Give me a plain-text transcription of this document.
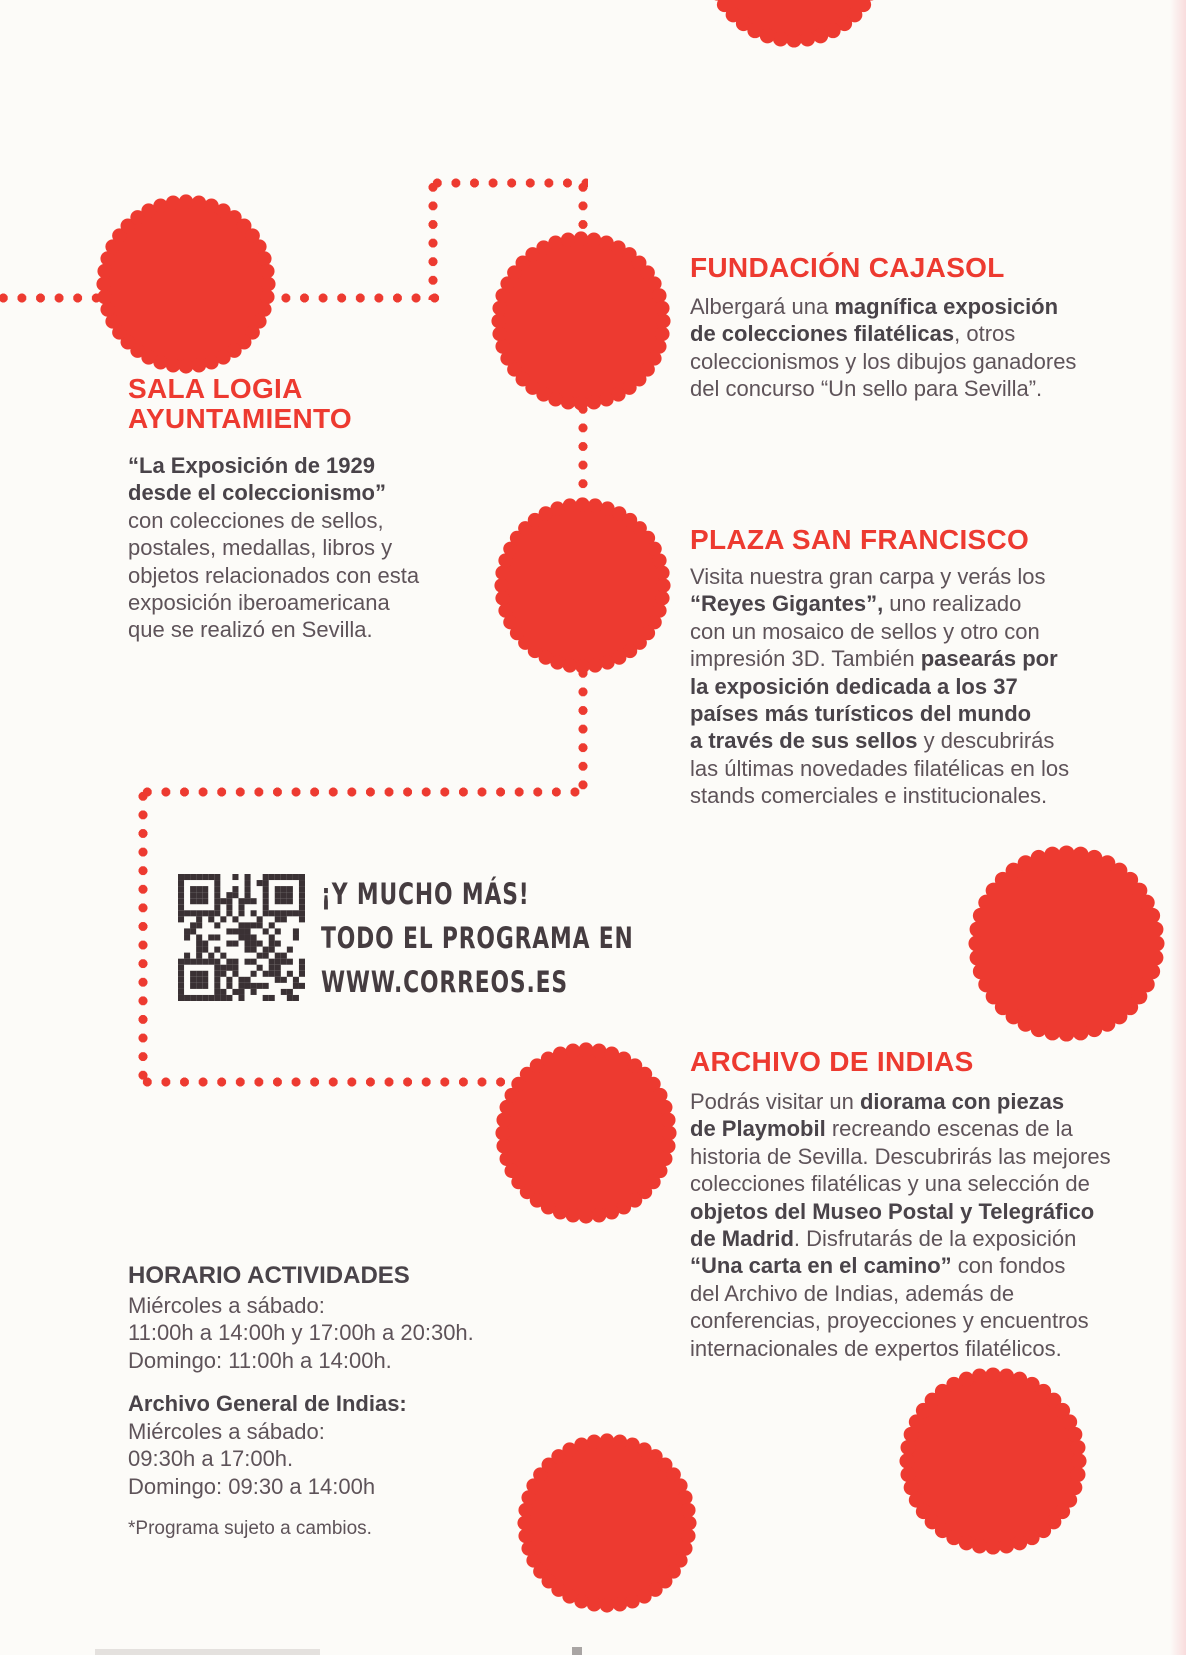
SALA LOGIA
AYUNTAMIENTO
“La Exposición de 1929
desde el coleccionismo”
con colecciones de sellos,
postales, medallas, libros y
objetos relacionados con esta
exposición iberoamericana
que se realizó en Sevilla.
FUNDACIÓN CAJASOL
Albergará una magnífica exposición
de colecciones filatélicas, otros
coleccionismos y los dibujos ganadores
del concurso “Un sello para Sevilla”.
PLAZA SAN FRANCISCO
Visita nuestra gran carpa y verás los
“Reyes Gigantes”, uno realizado
con un mosaico de sellos y otro con
impresión 3D. También pasearás por
la exposición dedicada a los 37
países más turísticos del mundo
a través de sus sellos y descubrirás
las últimas novedades filatélicas en los
stands comerciales e institucionales.
ARCHIVO DE INDIAS
Podrás visitar un diorama con piezas
de Playmobil recreando escenas de la
historia de Sevilla. Descubrirás las mejores
colecciones filatélicas y una selección de
objetos del Museo Postal y Telegráfico
de Madrid. Disfrutarás de la exposición
“Una carta en el camino” con fondos
del Archivo de Indias, además de
conferencias, proyecciones y encuentros
internacionales de expertos filatélicos.
¡Y MUCHO MÁS!
TODO EL PROGRAMA EN
WWW.CORREOS.ES
HORARIO ACTIVIDADES
Miércoles a sábado:
11:00h a 14:00h y 17:00h a 20:30h.
Domingo: 11:00h a 14:00h.
Archivo General de Indias:
Miércoles a sábado:
09:30h a 17:00h.
Domingo: 09:30 a 14:00h
*Programa sujeto a cambios.
